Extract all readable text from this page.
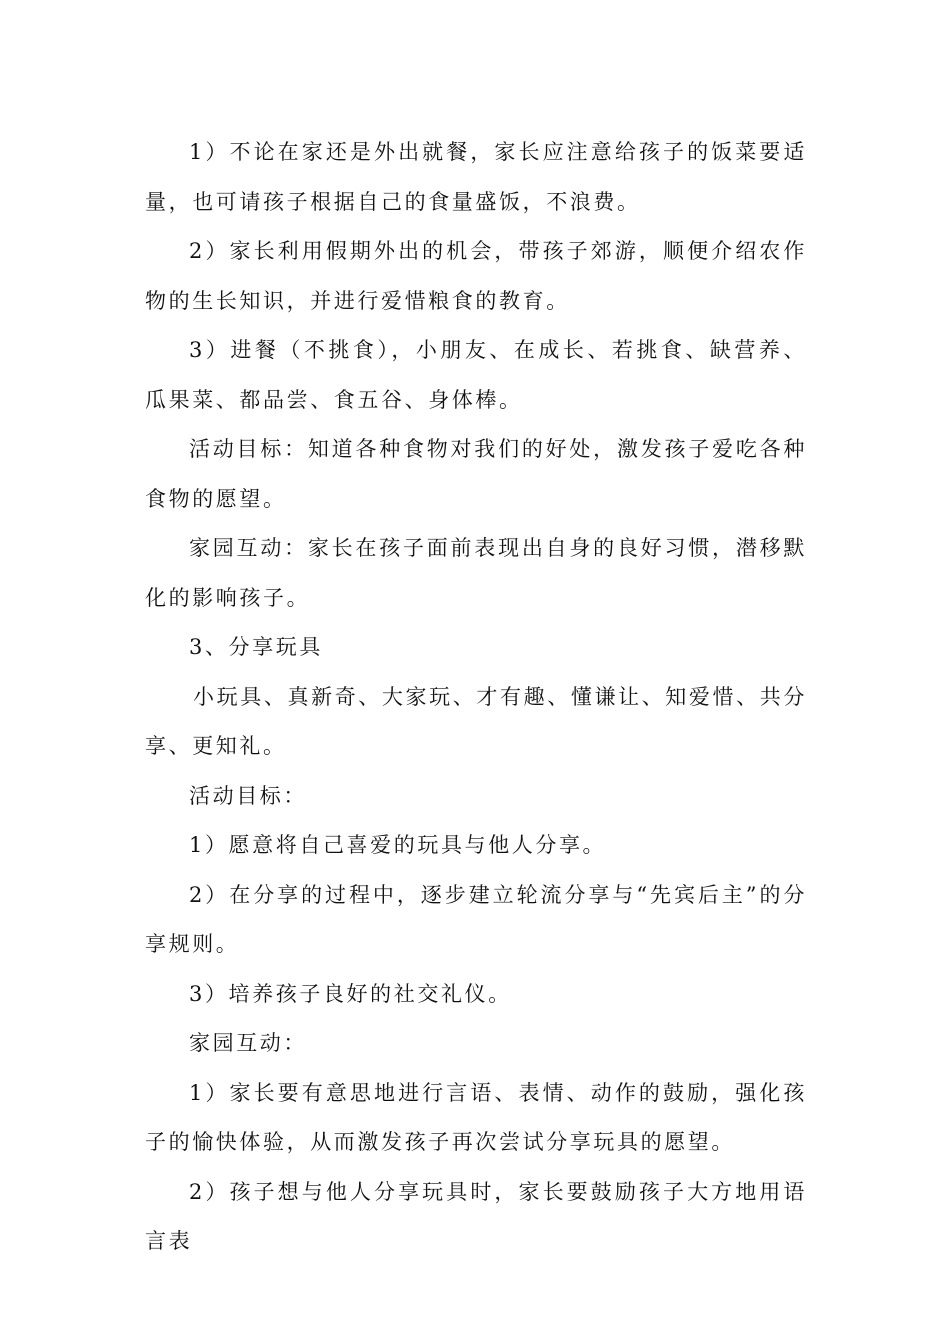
1）不论在家还是外出就餐，家长应注意给孩子的饭菜要适量，也可请孩子根据自己的食量盛饭，不浪费。

2）家长利用假期外出的机会，带孩子郊游，顺便介绍农作物的生长知识，并进行爱惜粮食的教育。

3）进餐（不挑食），小朋友、在成长、若挑食、缺营养、瓜果菜、都品尝、食五谷、身体棒。

活动目标：知道各种食物对我们的好处，激发孩子爱吃各种食物的愿望。

家园互动：家长在孩子面前表现出自身的良好习惯，潜移默化的影响孩子。

3、分享玩具

小玩具、真新奇、大家玩、才有趣、懂谦让、知爱惜、共分享、更知礼。

活动目标：

1）愿意将自己喜爱的玩具与他人分享。

2）在分享的过程中，逐步建立轮流分享与“先宾后主”的分享规则。

3）培养孩子良好的社交礼仪。

家园互动：

1）家长要有意思地进行言语、表情、动作的鼓励，强化孩子的愉快体验，从而激发孩子再次尝试分享玩具的愿望。

2）孩子想与他人分享玩具时，家长要鼓励孩子大方地用语言表
